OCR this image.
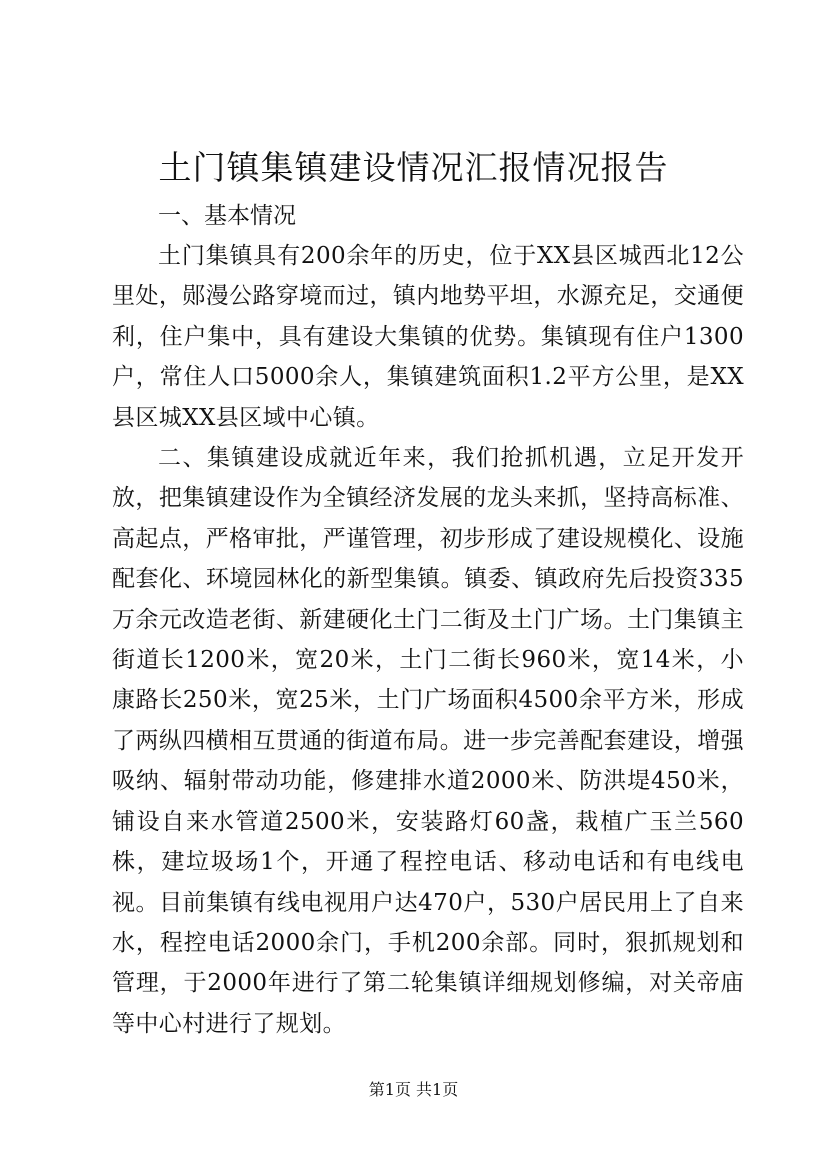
土门镇集镇建设情况汇报情况报告

一、基本情况

土门集镇具有200余年的历史，位于XX县区城西北12公里处，郧漫公路穿境而过，镇内地势平坦，水源充足，交通便利，住户集中，具有建设大集镇的优势。集镇现有住户1300户，常住人口5000余人，集镇建筑面积1.2平方公里，是XX县区城XX县区域中心镇。

二、集镇建设成就近年来，我们抢抓机遇，立足开发开放，把集镇建设作为全镇经济发展的龙头来抓，坚持高标准、高起点，严格审批，严谨管理，初步形成了建设规模化、设施配套化、环境园林化的新型集镇。镇委、镇政府先后投资335万余元改造老街、新建硬化土门二街及土门广场。土门集镇主街道长1200米，宽20米，土门二街长960米，宽14米，小康路长250米，宽25米，土门广场面积4500余平方米，形成了两纵四横相互贯通的街道布局。进一步完善配套建设，增强吸纳、辐射带动功能，修建排水道2000米、防洪堤450米，铺设自来水管道2500米，安装路灯60盏，栽植广玉兰560株，建垃圾场1个，开通了程控电话、移动电话和有电线电视。目前集镇有线电视用户达470户，530户居民用上了自来水，程控电话2000余门，手机200余部。同时，狠抓规划和管理，于2000年进行了第二轮集镇详细规划修编，对关帝庙等中心村进行了规划。

第1页 共1页
